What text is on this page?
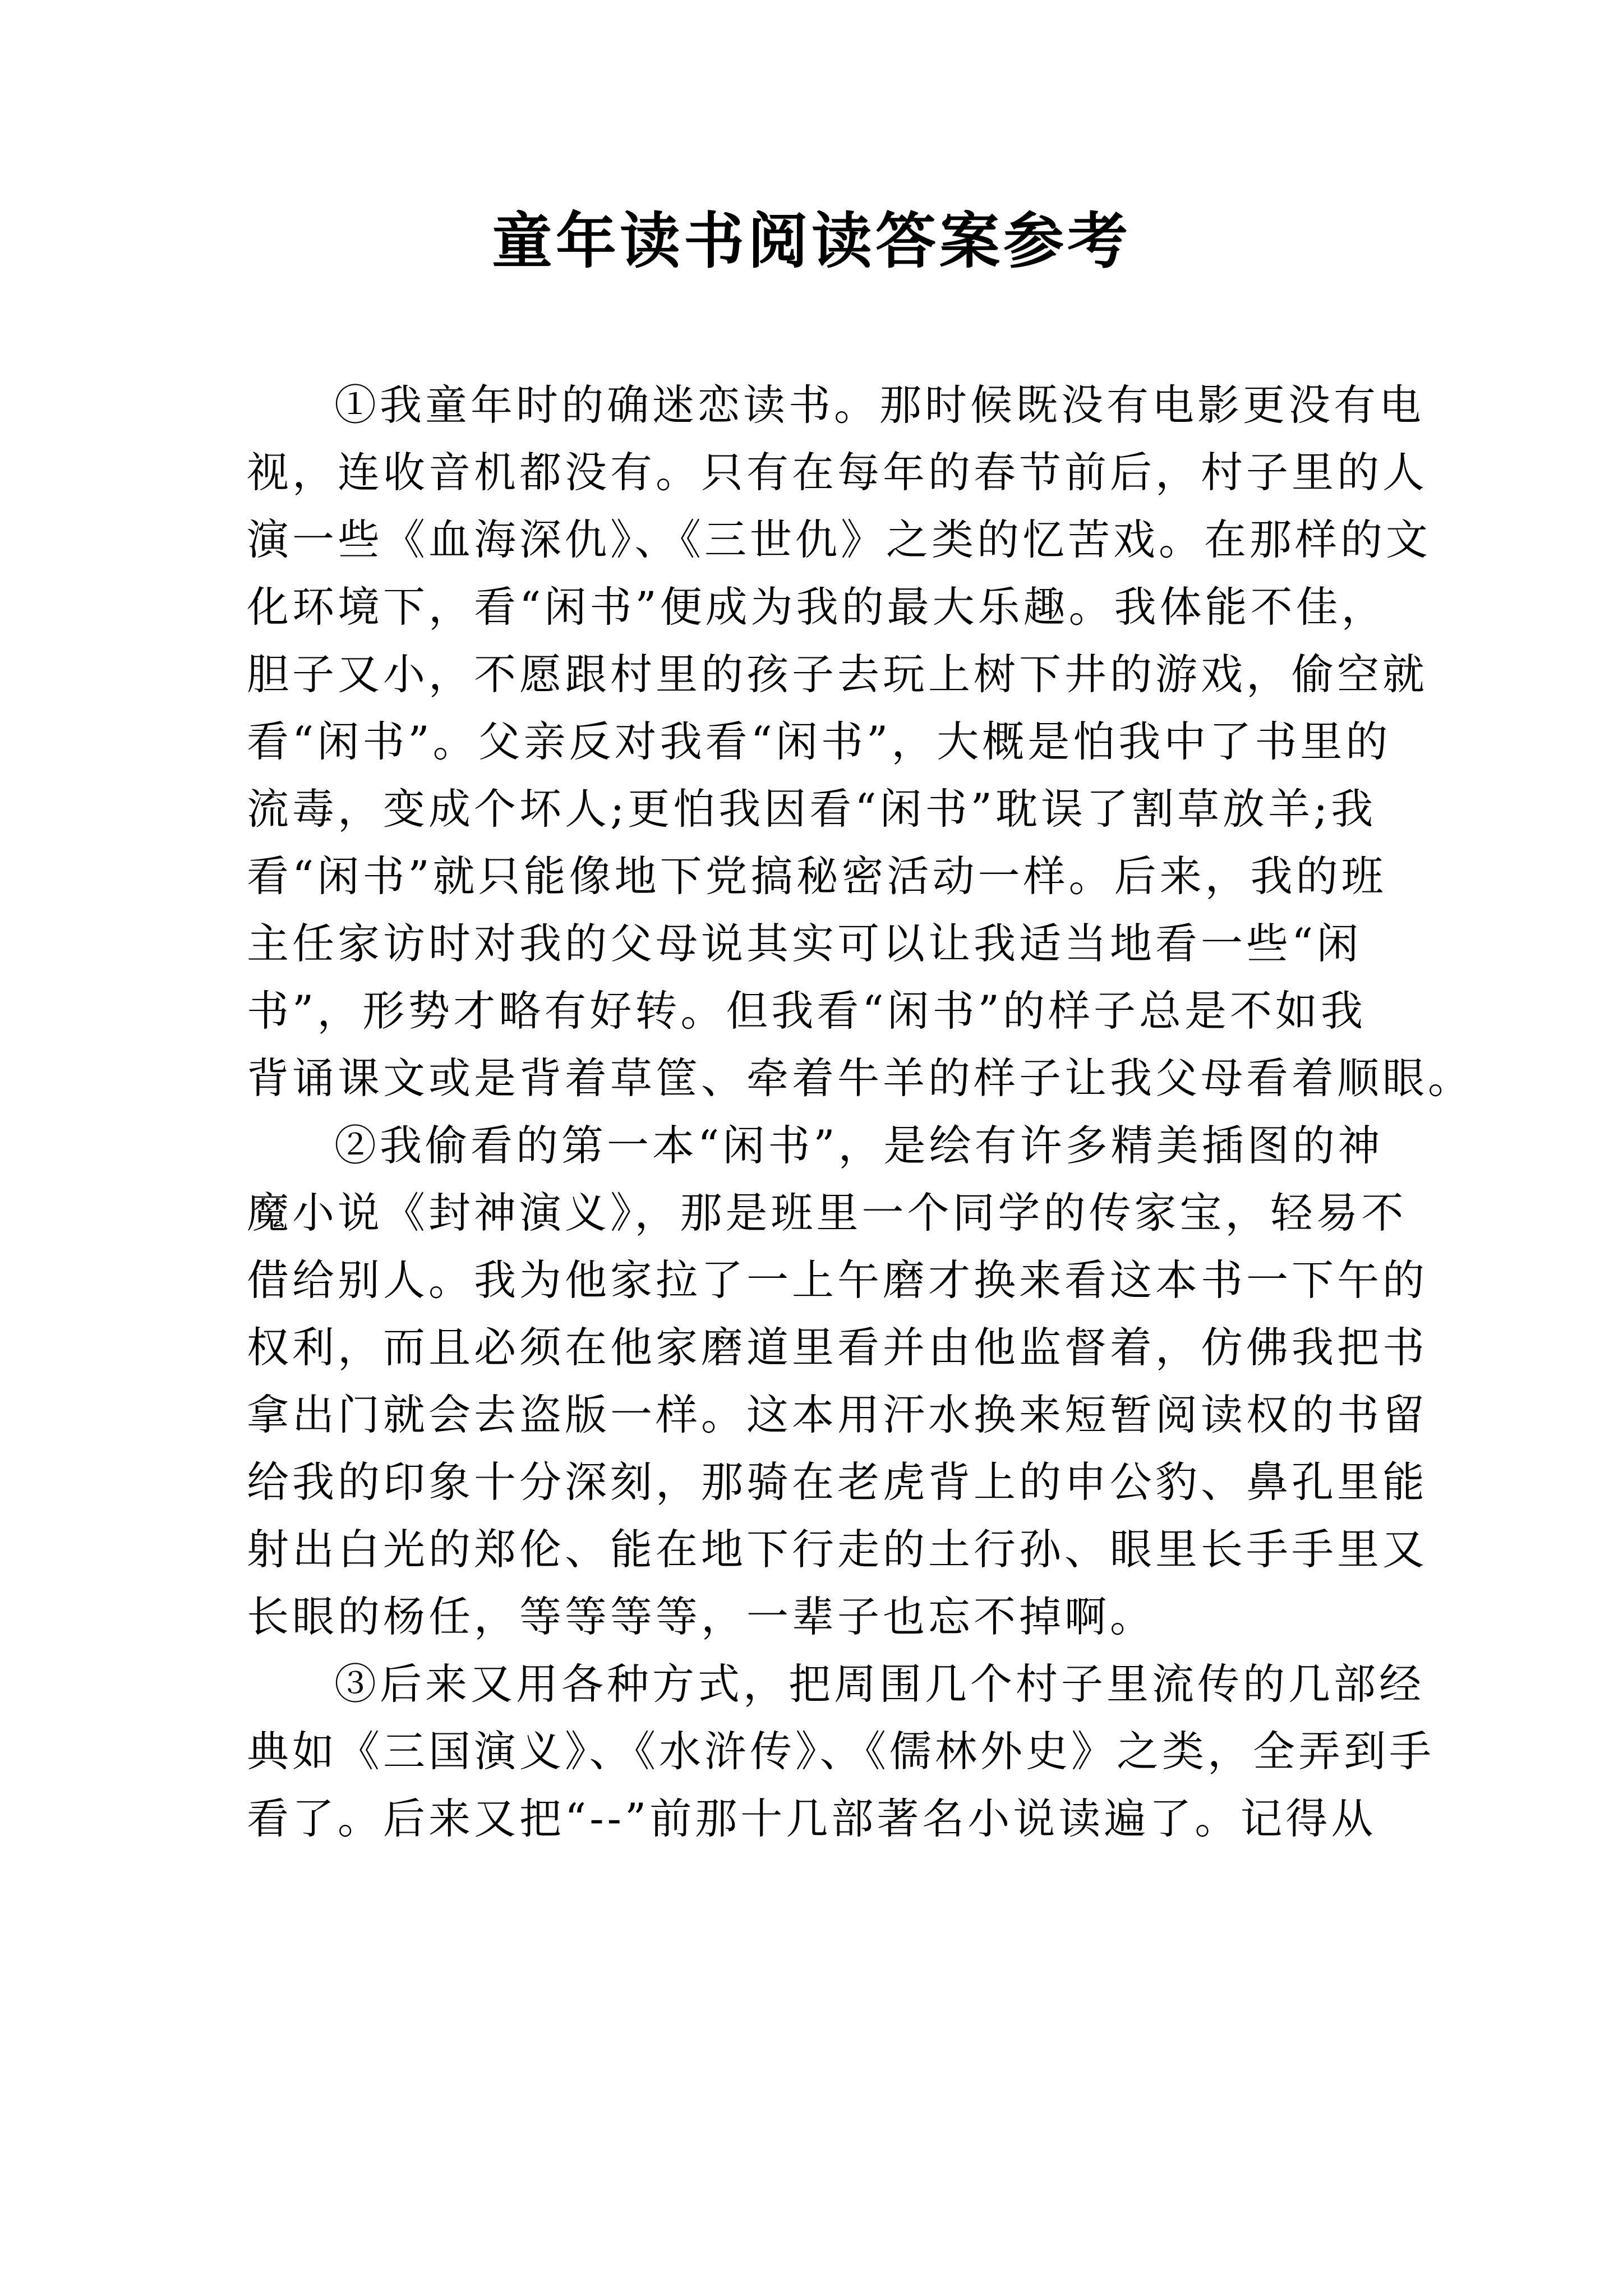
童年读书阅读答案参考
①我童年时的确迷恋读书。那时候既没有电影更没有电
视，连收音机都没有。只有在每年的春节前后，村子里的人
演一些《血海深仇》、《三世仇》之类的忆苦戏。在那样的文
化环境下，看“闲书”便成为我的最大乐趣。我体能不佳，
胆子又小，不愿跟村里的孩子去玩上树下井的游戏，偷空就
看“闲书”。父亲反对我看“闲书”，大概是怕我中了书里的
流毒，变成个坏人;更怕我因看“闲书”耽误了割草放羊;我
看“闲书”就只能像地下党搞秘密活动一样。后来，我的班
主任家访时对我的父母说其实可以让我适当地看一些“闲
书”，形势才略有好转。但我看“闲书”的样子总是不如我
背诵课文或是背着草筐、牵着牛羊的样子让我父母看着顺眼。
②我偷看的第一本“闲书”，是绘有许多精美插图的神
魔小说《封神演义》，那是班里一个同学的传家宝，轻易不
借给别人。我为他家拉了一上午磨才换来看这本书一下午的
权利，而且必须在他家磨道里看并由他监督着，仿佛我把书
拿出门就会去盗版一样。这本用汗水换来短暂阅读权的书留
给我的印象十分深刻，那骑在老虎背上的申公豹、鼻孔里能
射出白光的郑伦、能在地下行走的土行孙、眼里长手手里又
长眼的杨任，等等等等，一辈子也忘不掉啊。
③后来又用各种方式，把周围几个村子里流传的几部经
典如《三国演义》、《水浒传》、《儒林外史》之类，全弄到手
看了。后来又把“--”前那十几部著名小说读遍了。记得从
